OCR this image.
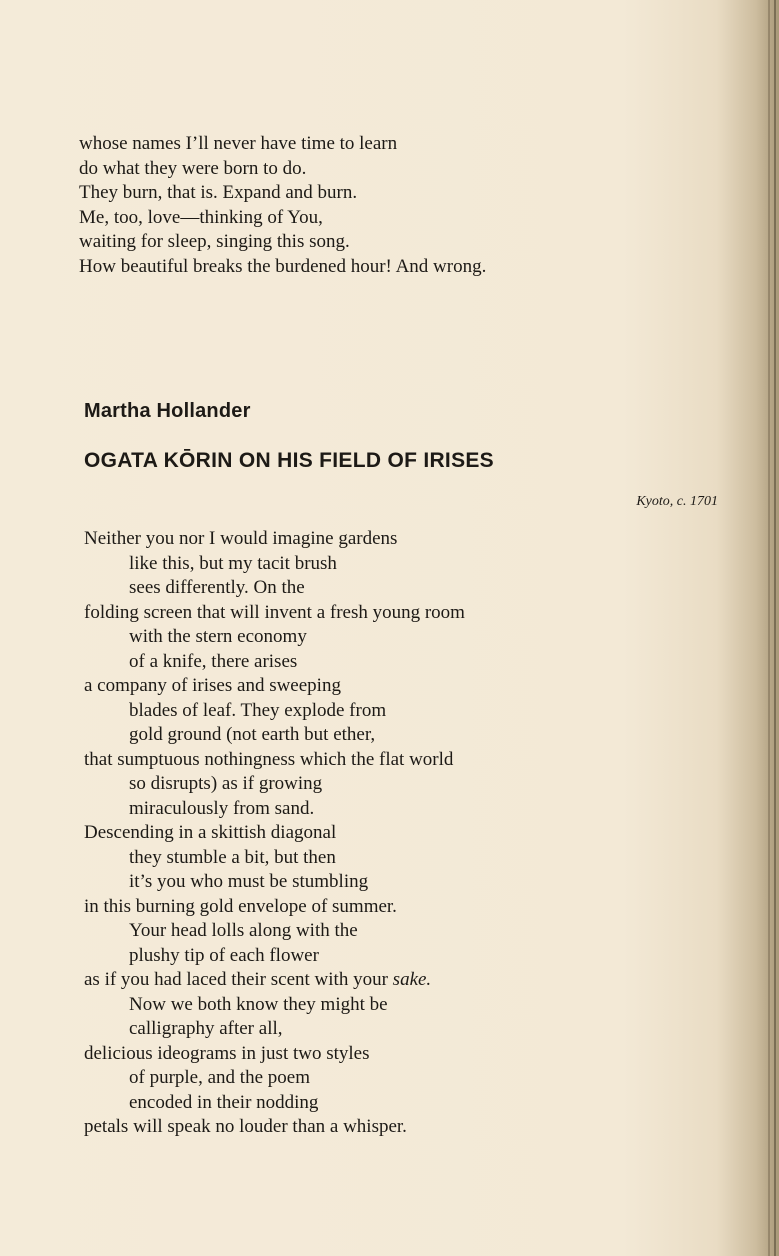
whose names I’ll never have time to learn
do what they were born to do.
They burn, that is. Expand and burn.
Me, too, love—thinking of You,
waiting for sleep, singing this song.
How beautiful breaks the burdened hour! And wrong.
Martha Hollander
OGATA KŌRIN ON HIS FIELD OF IRISES
Kyoto, c. 1701
Neither you nor I would imagine gardens
like this, but my tacit brush
sees differently. On the
folding screen that will invent a fresh young room
with the stern economy
of a knife, there arises
a company of irises and sweeping
blades of leaf. They explode from
gold ground (not earth but ether,
that sumptuous nothingness which the flat world
so disrupts) as if growing
miraculously from sand.
Descending in a skittish diagonal
they stumble a bit, but then
it’s you who must be stumbling
in this burning gold envelope of summer.
Your head lolls along with the
plushy tip of each flower
as if you had laced their scent with your sake.
Now we both know they might be
calligraphy after all,
delicious ideograms in just two styles
of purple, and the poem
encoded in their nodding
petals will speak no louder than a whisper.
